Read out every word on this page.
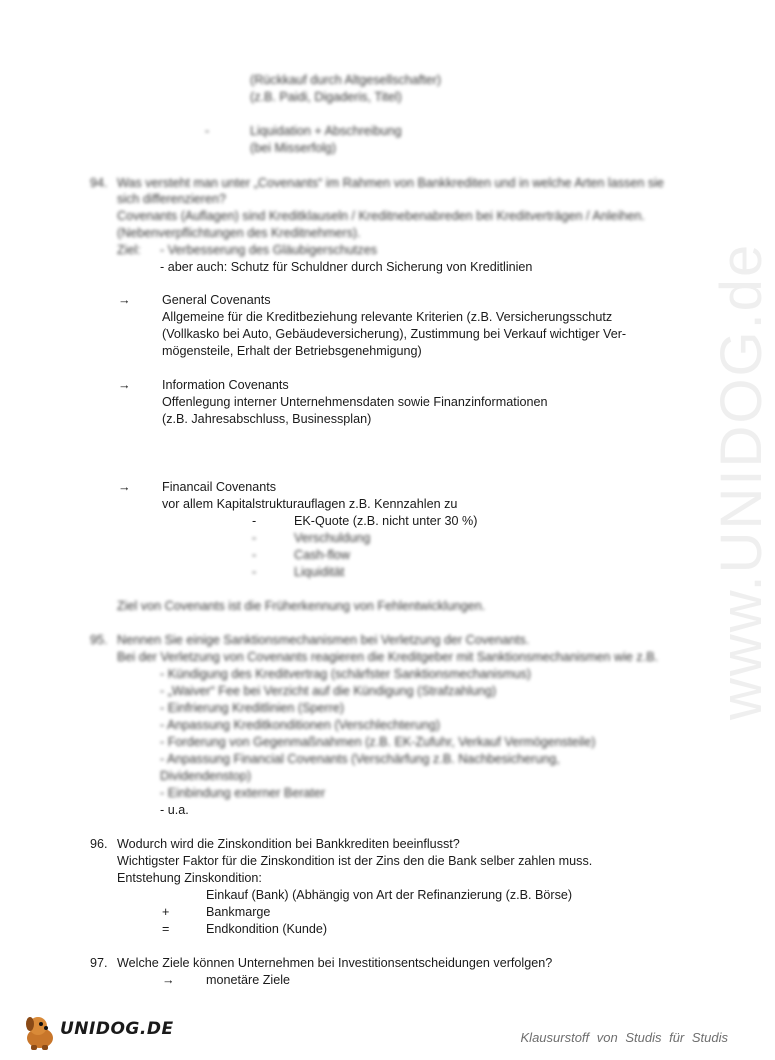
www.UNIDOG.de
(Rückkauf durch Altgesellschafter)
(z.B. Paidi, Digaderis, Titel)
-	Liquidation + Abschreibung
(bei Misserfolg)
94. Was versteht man unter „Covenants“ im Rahmen von Bankkrediten und in welche Arten lassen sie
sich differenzieren?
Covenants (Auflagen) sind Kreditklauseln / Kreditnebenabreden bei Kreditverträgen / Anleihen.
(Nebenverpflichtungen des Kreditnehmers).
Ziel: - Verbesserung des Gläubigerschutzes
- aber auch: Schutz für Schuldner durch Sicherung von Kreditlinien
→ General Covenants
Allgemeine für die Kreditbeziehung relevante Kriterien (z.B. Versicherungsschutz
(Vollkasko bei Auto, Gebäudeversicherung), Zustimmung bei Verkauf wichtiger Ver-
mögensteile, Erhalt der Betriebsgenehmigung)
→ Information Covenants
Offenlegung interner Unternehmensdaten sowie Finanzinformationen
(z.B. Jahresabschluss, Businessplan)
→ Financail Covenants
vor allem Kapitalstrukturauflagen z.B. Kennzahlen zu
-	EK-Quote (z.B. nicht unter 30 %)
-	Verschuldung
-	Cash-flow
-	Liquidität
Ziel von Covenants ist die Früherkennung von Fehlentwicklungen.
95. Nennen Sie einige Sanktionsmechanismen bei Verletzung der Covenants.
Bei der Verletzung von Covenants reagieren die Kreditgeber mit Sanktionsmechanismen wie z.B.
- Kündigung des Kreditvertrag (schärfster Sanktionsmechanismus)
- „Waiver“ Fee bei Verzicht auf die Kündigung (Strafzahlung)
- Einfrierung Kreditlinien (Sperre)
- Anpassung Kreditkonditionen (Verschlechterung)
- Forderung von Gegenmaßnahmen (z.B. EK-Zufuhr, Verkauf Vermögensteile)
- Anpassung Financial Covenants (Verschärfung z.B. Nachbesicherung,
Dividendenstop)
- Einbindung externer Berater
- u.a.
96. Wodurch wird die Zinskondition bei Bankkrediten beeinflusst?
Wichtigster Faktor für die Zinskondition ist der Zins den die Bank selber zahlen muss.
Entstehung Zinskondition:
Einkauf (Bank) (Abhängig von Art der Refinanzierung (z.B. Börse)
+	Bankmarge
=	Endkondition (Kunde)
97. Welche Ziele können Unternehmen bei Investitionsentscheidungen verfolgen?
→ monetäre Ziele
UNIDOG.DE	Klausurstoff von Studis für Studis
